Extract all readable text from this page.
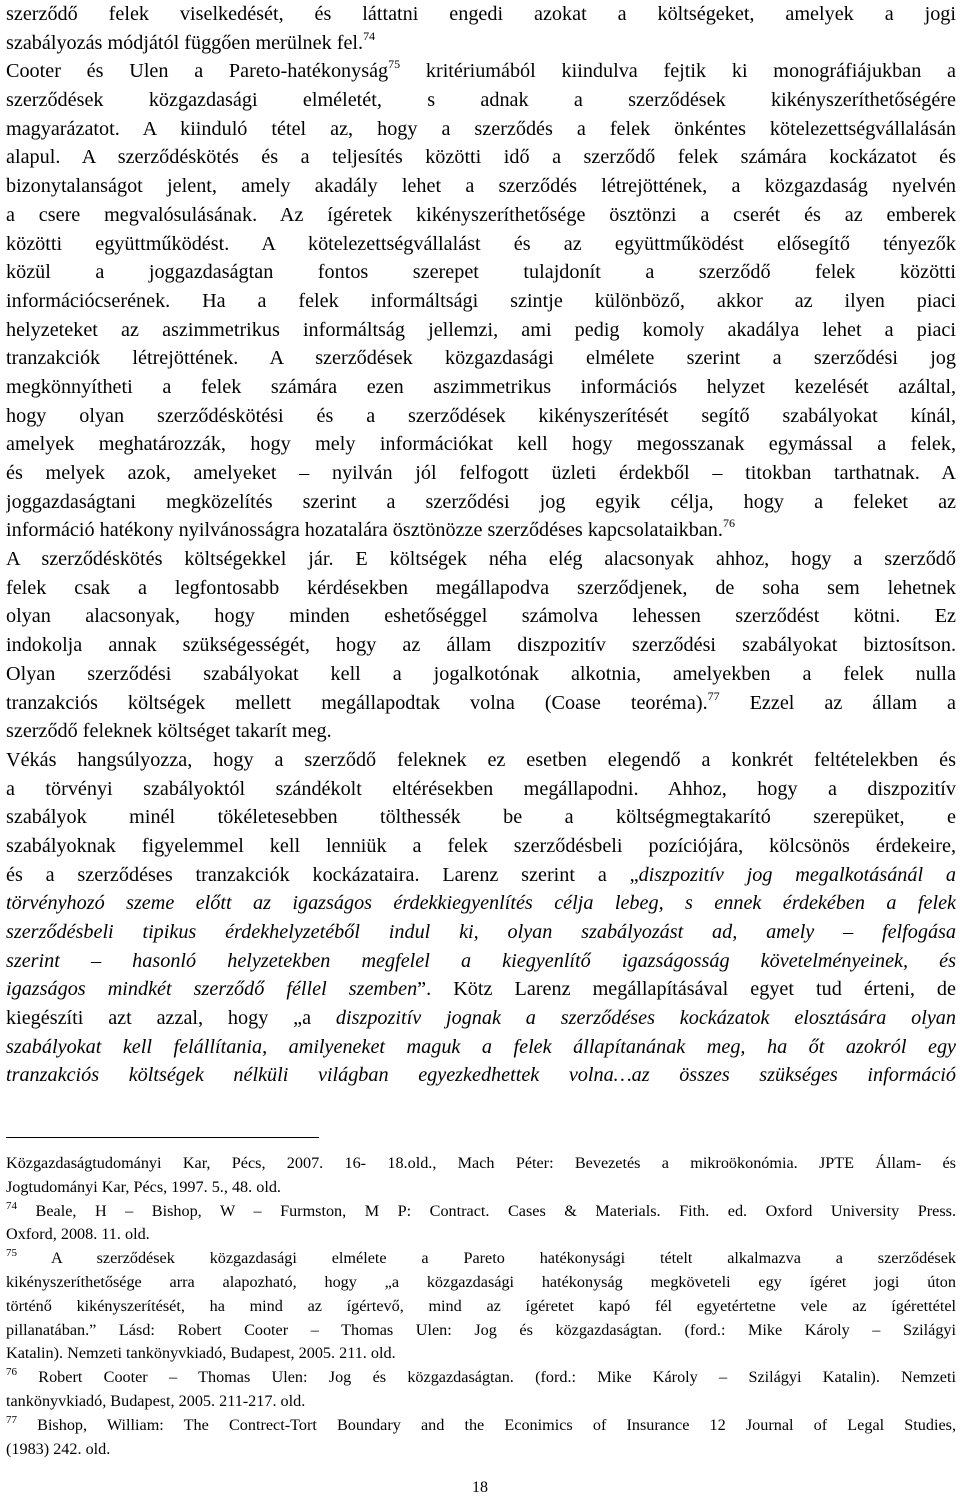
szerződő felek viselkedését, és láttatni engedi azokat a költségeket, amelyek a jogi
szabályozás módjától függően merülnek fel.$^{74}$
Cooter és Ulen a Pareto-hatékonyság$^{75}$ kritériumából kiindulva fejtik ki monográfiájukban a
szerződések közgazdasági elméletét, s adnak a szerződések kikényszeríthetőségére
magyarázatot. A kiinduló tétel az, hogy a szerződés a felek önkéntes kötelezettségvállalásán
alapul. A szerződéskötés és a teljesítés közötti idő a szerződő felek számára kockázatot és
bizonytalanságot jelent, amely akadály lehet a szerződés létrejöttének, a közgazdaság nyelvén
a csere megvalósulásának. Az ígéretek kikényszeríthetősége ösztönzi a cserét és az emberek
közötti együttműködést. A kötelezettségvállalást és az együttműködést elősegítő tényezők
közül a joggazdaságtan fontos szerepet tulajdonít a szerződő felek közötti
információcserének. Ha a felek informáltsági szintje különböző, akkor az ilyen piaci
helyzeteket az aszimmetrikus informáltság jellemzi, ami pedig komoly akadálya lehet a piaci
tranzakciók létrejöttének. A szerződések közgazdasági elmélete szerint a szerződési jog
megkönnyítheti a felek számára ezen aszimmetrikus információs helyzet kezelését azáltal,
hogy olyan szerződéskötési és a szerződések kikényszerítését segítő szabályokat kínál,
amelyek meghatározzák, hogy mely információkat kell hogy megosszanak egymással a felek,
és melyek azok, amelyeket – nyilván jól felfogott üzleti érdekből – titokban tarthatnak. A
joggazdaságtani megközelítés szerint a szerződési jog egyik célja, hogy a feleket az
információ hatékony nyilvánosságra hozatalára ösztönözze szerződéses kapcsolataikban.$^{76}$
A szerződéskötés költségekkel jár. E költségek néha elég alacsonyak ahhoz, hogy a szerződő
felek csak a legfontosabb kérdésekben megállapodva szerződjenek, de soha sem lehetnek
olyan alacsonyak, hogy minden eshetőséggel számolva lehessen szerződést kötni. Ez
indokolja annak szükségességét, hogy az állam diszpozitív szerződési szabályokat biztosítson.
Olyan szerződési szabályokat kell a jogalkotónak alkotnia, amelyekben a felek nulla
tranzakciós költségek mellett megállapodtak volna (Coase teoréma).$^{77}$ Ezzel az állam a
szerződő feleknek költséget takarít meg.
Vékás hangsúlyozza, hogy a szerződő feleknek ez esetben elegendő a konkrét feltételekben és
a törvényi szabályoktól szándékolt eltérésekben megállapodni. Ahhoz, hogy a diszpozitív
szabályok minél tökéletesebben tölthessék be a költségmegtakarító szerepüket, e
szabályoknak figyelemmel kell lenniük a felek szerződésbeli pozíciójára, kölcsönös érdekeire,
és a szerződéses tranzakciók kockázataira. Larenz szerint a „diszpozitív jog megalkotásánál a
törvényhozó szeme előtt az igazságos érdekkiegyenlítés célja lebeg, s ennek érdekében a felek
szerződésbeli tipikus érdekhelyzetéből indul ki, olyan szabályozást ad, amely – felfogása
szerint – hasonló helyzetekben megfelel a kiegyenlítő igazságosság követelményeinek, és
igazságos mindkét szerződő féllel szemben”. Kötz Larenz megállapításával egyet tud érteni, de
kiegészíti azt azzal, hogy „a diszpozitív jognak a szerződéses kockázatok elosztására olyan
szabályokat kell felállítania, amilyeneket maguk a felek állapítanának meg, ha őt azokról egy
tranzakciós költségek nélküli világban egyezkedhettek volna…az összes szükséges információ
Közgazdaságtudományi Kar, Pécs, 2007. 16- 18.old., Mach Péter: Bevezetés a mikroökonómia. JPTE Állam- és
Jogtudományi Kar, Pécs, 1997. 5., 48. old.
$^{74}$ Beale, H – Bishop, W – Furmston, M P: Contract. Cases & Materials. Fith. ed. Oxford University Press.
Oxford, 2008. 11. old.
$^{75}$ A szerződések közgazdasági elmélete a Pareto hatékonysági tételt alkalmazva a szerződések
kikényszeríthetősége arra alapozható, hogy „a közgazdasági hatékonyság megköveteli egy ígéret jogi úton
történő kikényszerítését, ha mind az ígértevő, mind az ígéretet kapó fél egyetértetne vele az ígérettétel
pillanatában.” Lásd: Robert Cooter – Thomas Ulen: Jog és közgazdaságtan. (ford.: Mike Károly – Szilágyi
Katalin). Nemzeti tankönyvkiadó, Budapest, 2005. 211. old.
$^{76}$ Robert Cooter – Thomas Ulen: Jog és közgazdaságtan. (ford.: Mike Károly – Szilágyi Katalin). Nemzeti
tankönyvkiadó, Budapest, 2005. 211-217. old.
$^{77}$ Bishop, William: The Contrect-Tort Boundary and the Econimics of Insurance 12 Journal of Legal Studies,
(1983) 242. old.
18
